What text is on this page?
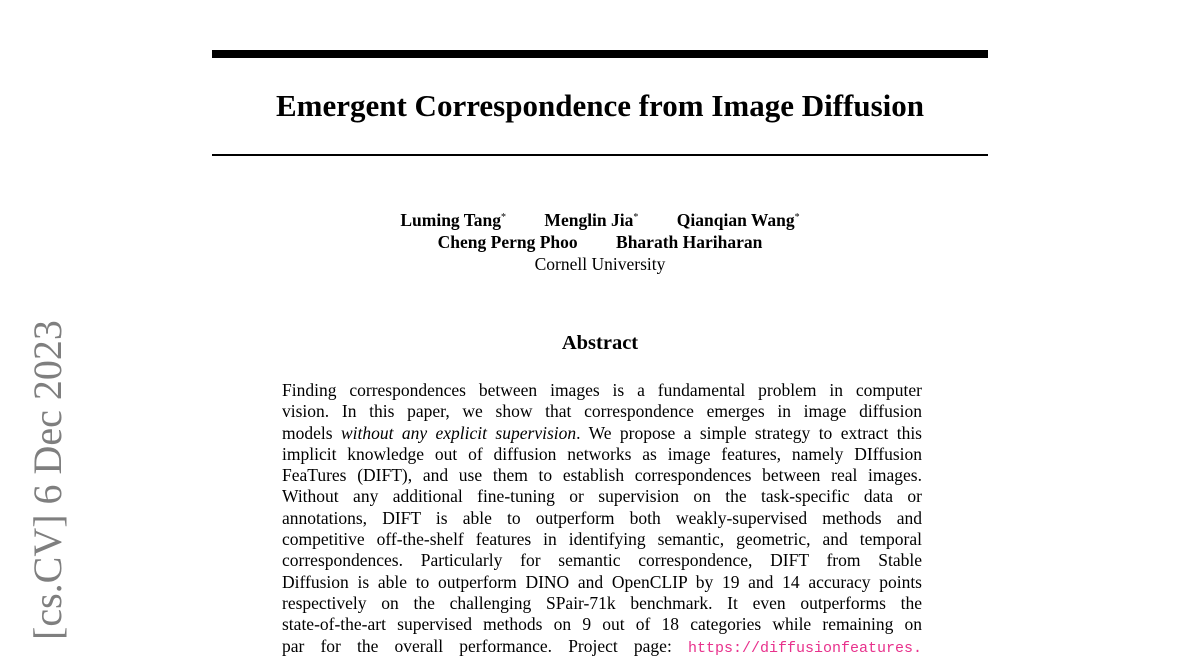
Emergent Correspondence from Image Diffusion
Luming Tang* Menglin Jia* Qianqian Wang*
Cheng Perng Phoo Bharath Hariharan
Cornell University
Abstract
Finding correspondences between images is a fundamental problem in computer
vision. In this paper, we show that correspondence emerges in image diffusion
models without any explicit supervision. We propose a simple strategy to extract this
implicit knowledge out of diffusion networks as image features, namely DIffusion
FeaTures (DIFT), and use them to establish correspondences between real images.
Without any additional fine-tuning or supervision on the task-specific data or
annotations, DIFT is able to outperform both weakly-supervised methods and
competitive off-the-shelf features in identifying semantic, geometric, and temporal
correspondences. Particularly for semantic correspondence, DIFT from Stable
Diffusion is able to outperform DINO and OpenCLIP by 19 and 14 accuracy points
respectively on the challenging SPair-71k benchmark. It even outperforms the
state-of-the-art supervised methods on 9 out of 18 categories while remaining on
par for the overall performance. Project page: https://diffusionfeatures.
[cs.CV] 6 Dec 2023
